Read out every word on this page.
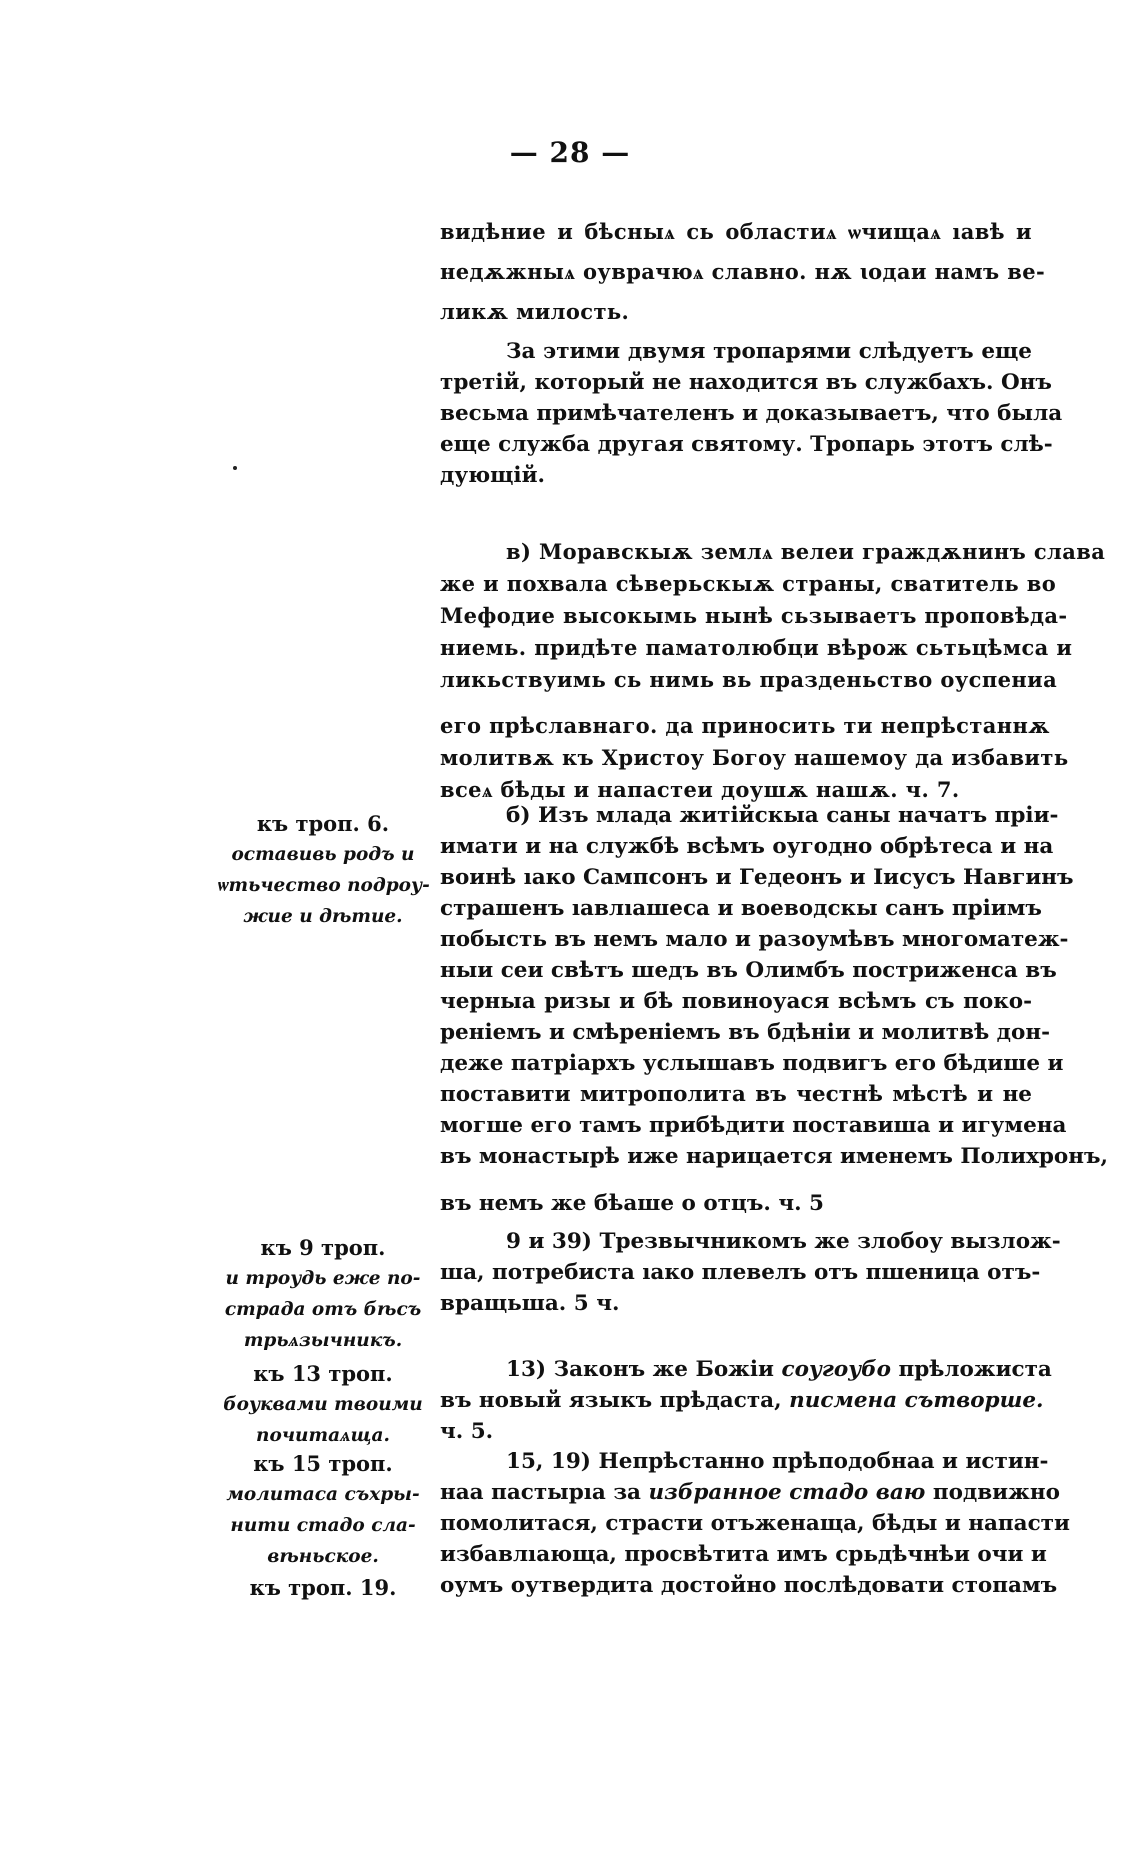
— 28 —
видѣние и бѣсныѧ сь областиѧ ѡчищаѧ ıавѣ и
недѫжныѧ оуврачюѧ славно. нѫ ꙇодаи намъ ве-
ликѫ милость.
За этими двумя тропарями слѣдуетъ еще
третій, который не находится въ службахъ. Онъ
весьма примѣчателенъ и доказываетъ, что была
еще служба другая святому. Тропарь этотъ слѣ-
дующій.
в) Моравскыѫ землѧ велеи граждѫнинъ слава
же и похвала сѣверьскыѫ страны, сватитель во
Мефодие высокымь нынѣ сьзываетъ проповѣда-
ниемь. придѣте паматолюбци вѣрож сьтьцѣмса и
ликьствуимь сь нимь вь празденьство оуспениа
его прѣславнаго. да приносить ти непрѣстаннѫ
молитвѫ къ Христоу Богоу нашемоу да избавить
всеѧ бѣды и напастеи доушѫ нашѫ. ч. 7.
б) Изъ млада житійскыа саны начатъ пріи-
имати и на службѣ всѣмъ оугодно обрѣтеса и на
воинѣ ıако Сампсонъ и Гедеонъ и Іисусъ Навгинъ
страшенъ ıавлıашеса и воеводскы санъ пріимъ
побысть въ немъ мало и разоумѣвъ многоматеж-
ныи сеи свѣтъ шедъ въ Олимбъ постриженса въ
черныа ризы и бѣ повиноуася всѣмъ съ поко-
реніемъ и смѣреніемъ въ бдѣніи и молитвѣ дон-
деже патріархъ услышавъ подвигъ его бѣдише и
поставити митрополита въ честнѣ мѣстѣ и не
могше его тамъ прибѣдити поставиша и игумена
въ монастырѣ иже нарицается именемъ Полихронъ,
въ немъ же бѣаше о отцъ. ч. 5
9 и 39) Трезвычникомъ же злобоу вызлож-
ша, потребиста ıако плевелъ отъ пшеница отъ-
вращьша. 5 ч.
13) Законъ же Божіи соугоубо прѣложиста
въ новый языкъ прѣдаста, писмена сътворше.
ч. 5.
15, 19) Непрѣстанно прѣподобнаа и истин-
наа пастырıа за избраннoе стадо ваю подвижно
помолитася, страсти отъженаща, бѣды и напасти
избавлıающа, просвѣтита имъ срьдѣчнѣи очи и
оумъ оутвердита достойно послѣдовати стопамъ
къ троп. 6.
оставивь родъ и
ѡтьчество подроу-
жие и дѣтие.
къ 9 троп.
и троудь еже по-
страда отъ бѣсъ
трьѧзычникъ.
къ 13 троп.
боуквами твоими
почитаѧща.
къ 15 троп.
молитаса съхры-
нити стадо сла-
вѣньское.
къ троп. 19.
